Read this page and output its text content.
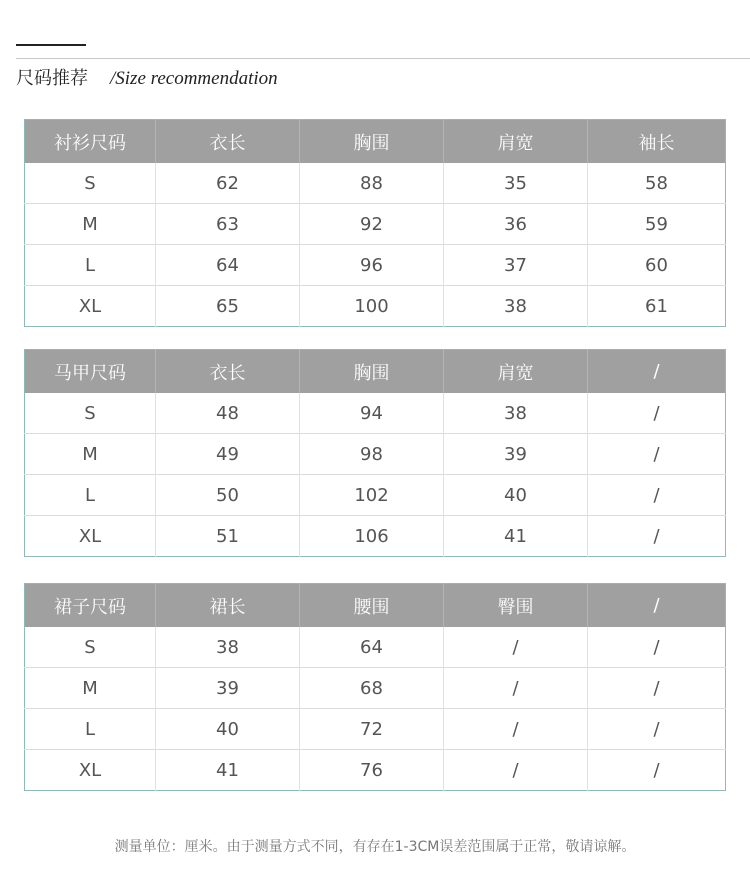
尺码推荐 /Size recommendation
衬衫尺码	衣长	胸围	肩宽	袖长
S	62	88	35	58
M	63	92	36	59
L	64	96	37	60
XL	65	100	38	61
马甲尺码	衣长	胸围	肩宽	/
S	48	94	38	/
M	49	98	39	/
L	50	102	40	/
XL	51	106	41	/
裙子尺码	裙长	腰围	臀围	/
S	38	64	/	/
M	39	68	/	/
L	40	72	/	/
XL	41	76	/	/
测量单位：厘米。由于测量方式不同，有存在1-3CM误差范围属于正常，敬请谅解。
